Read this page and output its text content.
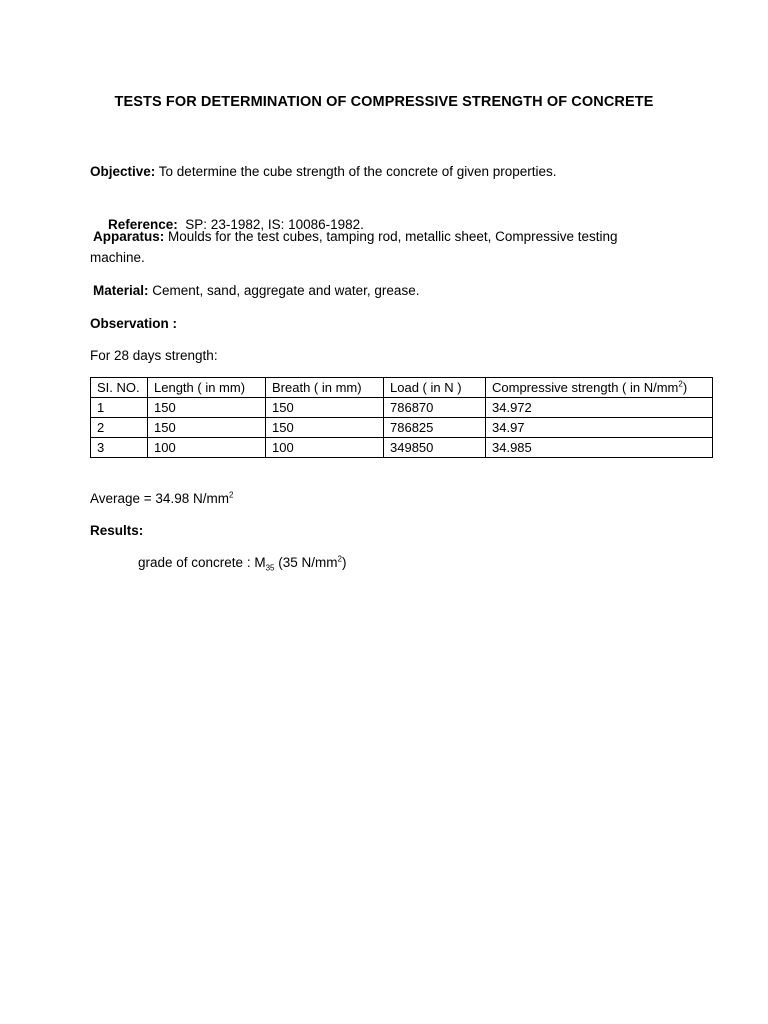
TESTS FOR DETERMINATION OF COMPRESSIVE STRENGTH OF CONCRETE
Objective: To determine the cube strength of the concrete of given properties.

Reference:  SP: 23-1982, IS: 10086-1982.

Apparatus: Moulds for the test cubes, tamping rod, metallic sheet, Compressive testing machine.
Material: Cement, sand, aggregate and water, grease.
Observation :
For 28 days strength:
SI. NO.	Length ( in mm)	Breath ( in mm)	Load ( in N )	Compressive strength ( in $N/mm^2$)
1	150	150	786870	34.972
2	150	150	786825	34.97
3	100	100	349850	34.985
Average = 34.98 $N/mm^2$
Results:
grade of concrete : $M_{35}$ (35 $N/mm^2$)
